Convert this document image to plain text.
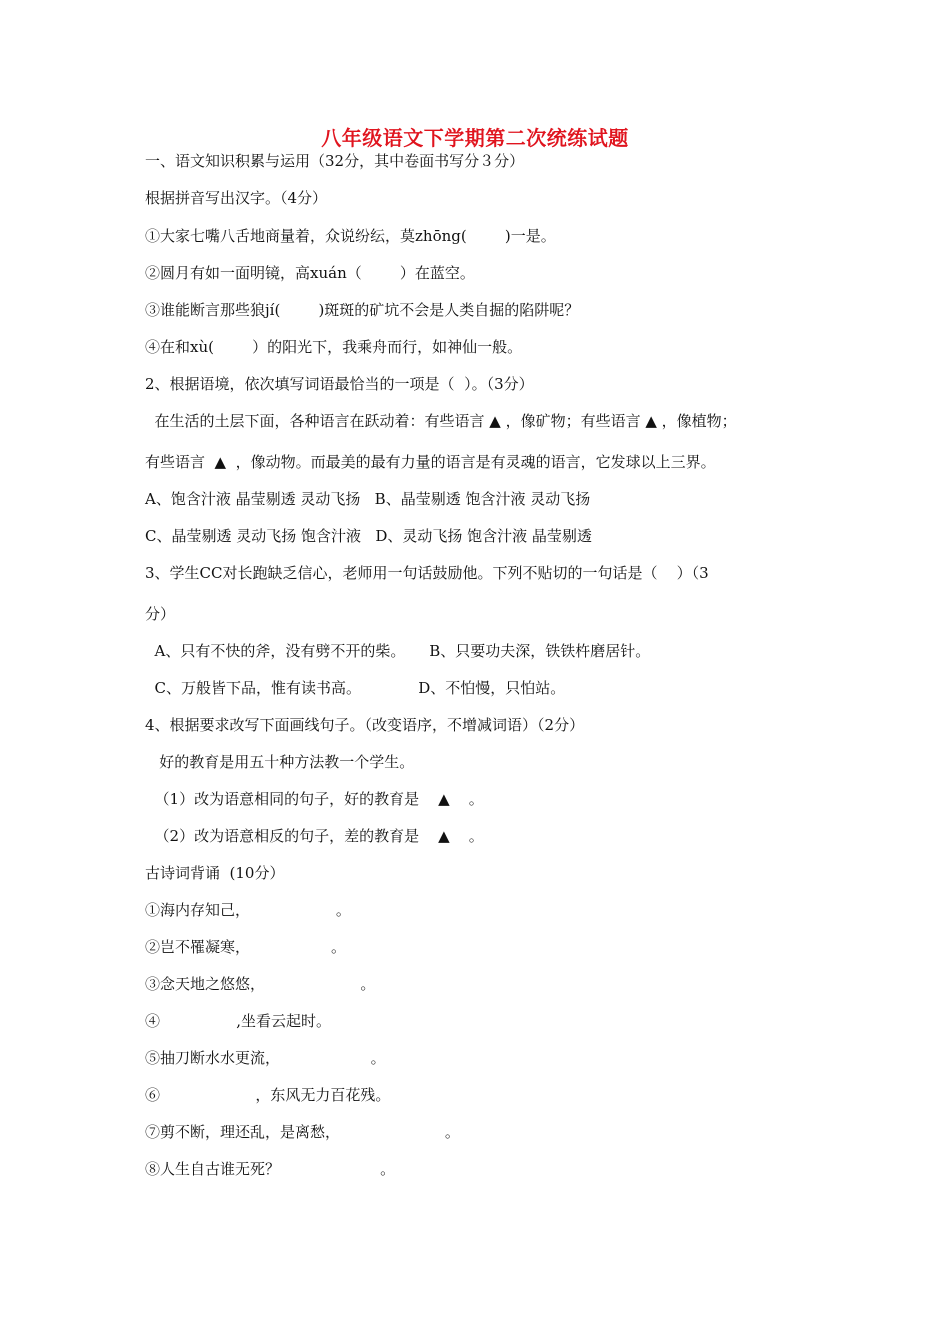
八年级语文下学期第二次统练试题
一、语文知识积累与运用（32分，其中卷面书写分３分）
根据拼音写出汉字。（4分）
①大家七嘴八舌地商量着，众说纷纭，莫zhōng(        )一是。
②圆月有如一面明镜，高xuán（        ）在蓝空。
③谁能断言那些狼jí(        )斑斑的矿坑不会是人类自掘的陷阱呢？
④在和xù(        ）的阳光下，我乘舟而行，如神仙一般。
2、根据语境，依次填写词语最恰当的一项是（  ）。（3分）
在生活的土层下面，各种语言在跃动着：有些语言 ▲ ，像矿物；有些语言 ▲ ，像植物；
有些语言  ▲  ，像动物。而最美的最有力量的语言是有灵魂的语言，它发球以上三界。
A、饱含汁液 晶莹剔透 灵动飞扬   B、晶莹剔透 饱含汁液 灵动飞扬
C、晶莹剔透 灵动飞扬 饱含汁液   D、灵动飞扬 饱含汁液 晶莹剔透
3、学生CC对长跑缺乏信心，老师用一句话鼓励他。下列不贴切的一句话是（    ）（3
分）
A、只有不快的斧，没有劈不开的柴。     B、只要功夫深，铁铁杵磨居针。
C、万般皆下品，惟有读书高。            D、不怕慢，只怕站。
4、根据要求改写下面画线句子。（改变语序，不增减词语）（2分）
好的教育是用五十种方法教一个学生。
（1）改为语意相同的句子，好的教育是    ▲    。
（2）改为语意相反的句子，差的教育是    ▲    。
古诗词背诵  (10分）
①海内存知己，                  。
②岂不罹凝寒，                 。
③念天地之悠悠，                    。
④                ,坐看云起时。
⑤抽刀断水水更流，                   。
⑥                    ，东风无力百花残。
⑦剪不断，理还乱，是离愁，                      。
⑧人生自古谁无死？                     。
